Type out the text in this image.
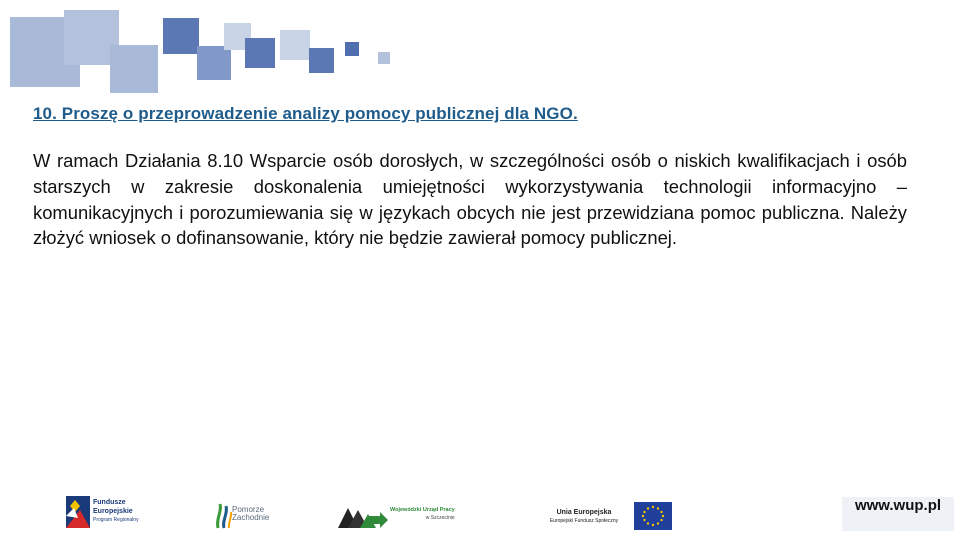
10. Proszę o przeprowadzenie analizy pomocy publicznej dla NGO.
W ramach Działania 8.10 Wsparcie osób dorosłych, w szczególności osób o niskich kwalifikacjach i osób starszych w zakresie doskonalenia umiejętności wykorzystywania technologii informacyjno – komunikacyjnych i porozumiewania się w językach obcych nie jest przewidziana pomoc publiczna. Należy złożyć wniosek o dofinansowanie, który nie będzie zawierał pomocy publicznej.
Fundusze
Europejskie
Program Regionalny
Pomorze
Zachodnie
Wojewódzki Urząd Pracy
w Szczecinie
Unia Europejska
Europejski Fundusz Społeczny
www.wup.pl
